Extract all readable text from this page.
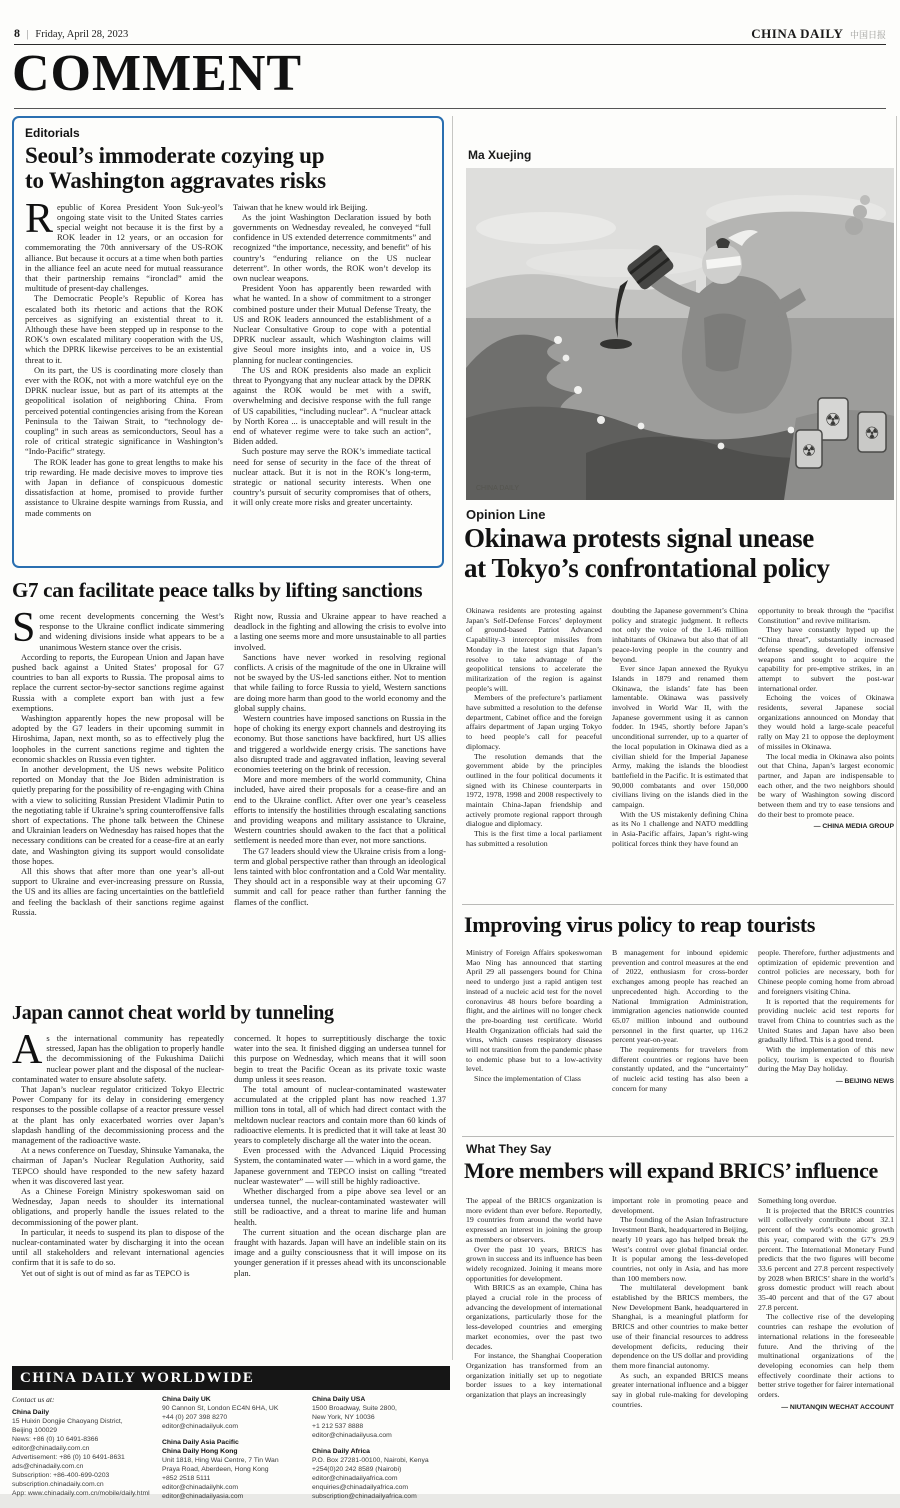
8 | Friday, April 28, 2023	CHINA DAILY 中国日报
COMMENT
Editorials
Seoul’s immoderate cozying up
to Washington aggravates risks
R epublic of Korea President Yoon Suk-yeol’s ongoing state visit to the United States carries special weight not because it is the first by a ROK leader in 12 years, or an occasion for commemorating the 70th anniversary of the US-ROK alliance. But because it occurs at a time when both parties in the alliance feel an acute need for mutual reassurance that their partnership remains “ironclad” amid the multitude of present-day challenges.

The Democratic People’s Republic of Korea has escalated both its rhetoric and actions that the ROK perceives as signifying an existential threat to it. Although these have been stepped up in response to the ROK’s own escalated military cooperation with the US, which the DPRK likewise perceives to be an existential threat to it.

On its part, the US is coordinating more closely than ever with the ROK, not with a more watchful eye on the DPRK nuclear issue, but as part of its attempts at the geopolitical isolation of neighboring China. From perceived potential contingencies arising from the Korean Peninsula to the Taiwan Strait, to “technology de-coupling” in such areas as semiconductors, Seoul has a role of critical strategic significance in Washington’s “Indo-Pacific” strategy.

The ROK leader has gone to great lengths to make his trip rewarding. He made decisive moves to improve ties with Japan in defiance of conspicuous domestic dissatisfaction at home, promised to provide further assistance to Ukraine despite warnings from Russia, and made comments on

Taiwan that he knew would irk Beijing.

As the joint Washington Declaration issued by both governments on Wednesday revealed, he conveyed “full confidence in US extended deterrence commitments” and recognized “the importance, necessity, and benefit” of his country’s “enduring reliance on the US nuclear deterrent”. In other words, the ROK won’t develop its own nuclear weapons.

President Yoon has apparently been rewarded with what he wanted. In a show of commitment to a stronger combined posture under their Mutual Defense Treaty, the US and ROK leaders announced the establishment of a Nuclear Consultative Group to cope with a potential DPRK nuclear assault, which Washington claims will give Seoul more insights into, and a voice in, US planning for nuclear contingencies.

The US and ROK presidents also made an explicit threat to Pyongyang that any nuclear attack by the DPRK against the ROK would be met with a swift, overwhelming and decisive response with the full range of US capabilities, “including nuclear”. A “nuclear attack by North Korea ... is unacceptable and will result in the end of whatever regime were to take such an action”, Biden added.

Such posture may serve the ROK’s immediate tactical need for sense of security in the face of the threat of nuclear attack. But it is not in the ROK’s long-term, strategic or national security interests. When one country’s pursuit of security compromises that of others, it will only create more risks and greater uncertainty.

G7 can facilitate peace talks by lifting sanctions
S ome recent developments concerning the West’s response to the Ukraine conflict indicate simmering and widening divisions inside what appears to be a unanimous Western stance over the crisis.

According to reports, the European Union and Japan have pushed back against a United States’ proposal for G7 countries to ban all exports to Russia. The proposal aims to replace the current sector-by-sector sanctions regime against Russia with a complete export ban with just a few exemptions.

Washington apparently hopes the new proposal will be adopted by the G7 leaders in their upcoming summit in Hiroshima, Japan, next month, so as to effectively plug the loopholes in the current sanctions regime and tighten the economic shackles on Russia even tighter.

In another development, the US news website Politico reported on Monday that the Joe Biden administration is quietly preparing for the possibility of re-engaging with China with a view to soliciting Russian President Vladimir Putin to the negotiating table if Ukraine’s spring counteroffensive falls short of expectations. The phone talk between the Chinese and Ukrainian leaders on Wednesday has raised hopes that the necessary conditions can be created for a cease-fire at an early date, and Washington giving its support would consolidate those hopes.

All this shows that after more than one year’s all-out support to Ukraine and ever-increasing pressure on Russia, the US and its allies are facing uncertainties on the battlefield and feeling the backlash of their sanctions regime against Russia.

Right now, Russia and Ukraine appear to have reached a deadlock in the fighting and allowing the crisis to evolve into a lasting one seems more and more unsustainable to all parties involved.

Sanctions have never worked in resolving regional conflicts. A crisis of the magnitude of the one in Ukraine will not be swayed by the US-led sanctions either. Not to mention that while failing to force Russia to yield, Western sanctions are doing more harm than good to the world economy and the global supply chains.

Western countries have imposed sanctions on Russia in the hope of choking its energy export channels and destroying its economy. But those sanctions have backfired, hurt US allies and triggered a worldwide energy crisis. The sanctions have also disrupted trade and aggravated inflation, leaving several economies teetering on the brink of recession.

More and more members of the world community, China included, have aired their proposals for a cease-fire and an end to the Ukraine conflict. After over one year’s ceaseless efforts to intensify the hostilities through escalating sanctions and providing weapons and military assistance to Ukraine, Western countries should awaken to the fact that a political settlement is needed more than ever, not more sanctions.

The G7 leaders should view the Ukraine crisis from a long-term and global perspective rather than through an ideological lens tainted with bloc confrontation and a Cold War mentality. They should act in a responsible way at their upcoming G7 summit and call for peace rather than further fanning the flames of the conflict.

Japan cannot cheat world by tunneling
A s the international community has repeatedly stressed, Japan has the obligation to properly handle the decommissioning of the Fukushima Daiichi nuclear power plant and the disposal of the nuclear-contaminated water to ensure absolute safety.

That Japan’s nuclear regulator criticized Tokyo Electric Power Company for its delay in considering emergency responses to the possible collapse of a reactor pressure vessel at the plant has only exacerbated worries over Japan’s slapdash handling of the decommissioning process and the management of the radioactive waste.

At a news conference on Tuesday, Shinsuke Yamanaka, the chairman of Japan’s Nuclear Regulation Authority, said TEPCO should have responded to the new safety hazard when it was discovered last year.

As a Chinese Foreign Ministry spokeswoman said on Wednesday, Japan needs to shoulder its international obligations, and properly handle the issues related to the decommissioning of the power plant.

In particular, it needs to suspend its plan to dispose of the nuclear-contaminated water by discharging it into the ocean until all stakeholders and relevant international agencies confirm that it is safe to do so.

Yet out of sight is out of mind as far as TEPCO is

concerned. It hopes to surreptitiously discharge the toxic water into the sea. It finished digging an undersea tunnel for this purpose on Wednesday, which means that it will soon begin to treat the Pacific Ocean as its private toxic waste dump unless it sees reason.

The total amount of nuclear-contaminated wastewater accumulated at the crippled plant has now reached 1.37 million tons in total, all of which had direct contact with the meltdown nuclear reactors and contain more than 60 kinds of radioactive elements. It is predicted that it will take at least 30 years to completely discharge all the water into the ocean.

Even processed with the Advanced Liquid Processing System, the contaminated water — which in a word game, the Japanese government and TEPCO insist on calling “treated nuclear wastewater” — will still be highly radioactive.

Whether discharged from a pipe above sea level or an undersea tunnel, the nuclear-contaminated wastewater will still be radioactive, and a threat to marine life and human health.

The current situation and the ocean discharge plan are fraught with hazards. Japan will have an indelible stain on its image and a guilty consciousness that it will impose on its younger generation if it presses ahead with its unconscionable plan.

Ma Xuejing
☢
☢
☢
CHINA DAILY
Opinion Line
Okinawa protests signal unease
at Tokyo’s confrontational policy

Okinawa residents are protesting against Japan’s Self-Defense Forces’ deployment of ground-based Patriot Advanced Capability-3 interceptor missiles from Monday in the latest sign that Japan’s resolve to take advantage of the geopolitical tensions to accelerate the militarization of the region is against people’s will.

Members of the prefecture’s parliament have submitted a resolution to the defense department, Cabinet office and the foreign affairs department of Japan urging Tokyo to heed people’s call for peaceful diplomacy.

The resolution demands that the government abide by the principles outlined in the four political documents it signed with its Chinese counterparts in 1972, 1978, 1998 and 2008 respectively to maintain China-Japan friendship and actively promote regional rapport through dialogue and diplomacy.

This is the first time a local parliament has submitted a resolution

doubting the Japanese government’s China policy and strategic judgment. It reflects not only the voice of the 1.46 million inhabitants of Okinawa but also that of all peace-loving people in the country and beyond.

Ever since Japan annexed the Ryukyu Islands in 1879 and renamed them Okinawa, the islands’ fate has been lamentable. Okinawa was passively involved in World War II, with the Japanese government using it as cannon fodder. In 1945, shortly before Japan’s unconditional surrender, up to a quarter of the local population in Okinawa died as a civilian shield for the Imperial Japanese Army, making the islands the bloodiest battlefield in the Pacific. It is estimated that 90,000 combatants and over 150,000 civilians living on the islands died in the campaign.

With the US mistakenly defining China as its No 1 challenge and NATO meddling in Asia-Pacific affairs, Japan’s right-wing political forces think they have found an

opportunity to break through the “pacifist Constitution” and revive militarism.

They have constantly hyped up the “China threat”, substantially increased defense spending, developed offensive weapons and sought to acquire the capability for pre-emptive strikes, in an attempt to subvert the post-war international order.

Echoing the voices of Okinawa residents, several Japanese social organizations announced on Monday that they would hold a large-scale peaceful rally on May 21 to oppose the deployment of missiles in Okinawa.

The local media in Okinawa also points out that China, Japan’s largest economic partner, and Japan are indispensable to each other, and the two neighbors should be wary of Washington sowing discord between them and try to ease tensions and do their best to promote peace.

— CHINA MEDIA GROUP
Improving virus policy to reap tourists

Ministry of Foreign Affairs spokeswoman Mao Ning has announced that starting April 29 all passengers bound for China need to undergo just a rapid antigen test instead of a nucleic acid test for the novel coronavirus 48 hours before boarding a flight, and the airlines will no longer check the pre-boarding test certificate. World Health Organization officials had said the virus, which causes respiratory diseases will not transition from the pandemic phase to endemic phase but to a low-activity level.

Since the implementation of Class

B management for inbound epidemic prevention and control measures at the end of 2022, enthusiasm for cross-border exchanges among people has reached an unprecedented high. According to the National Immigration Administration, immigration agencies nationwide counted 65.07 million inbound and outbound personnel in the first quarter, up 116.2 percent year-on-year.

The requirements for travelers from different countries or regions have been constantly updated, and the “uncertainty” of nucleic acid testing has also been a concern for many

people. Therefore, further adjustments and optimization of epidemic prevention and control policies are necessary, both for Chinese people coming home from abroad and foreigners visiting China.

It is reported that the requirements for providing nucleic acid test reports for travel from China to countries such as the United States and Japan have also been gradually lifted. This is a good trend.

With the implementation of this new policy, tourism is expected to flourish during the May Day holiday.

— BEIJING NEWS
What They Say
More members will expand BRICS’ influence

The appeal of the BRICS organization is more evident than ever before. Reportedly, 19 countries from around the world have expressed an interest in joining the group as members or observers.

Over the past 10 years, BRICS has grown in success and its influence has been widely recognized. Joining it means more opportunities for development.

With BRICS as an example, China has played a crucial role in the process of advancing the development of international organizations, particularly those for the less-developed countries and emerging market economies, over the past two decades.

For instance, the Shanghai Cooperation Organization has transformed from an organization initially set up to negotiate border issues to a key international organization that plays an increasingly

important role in promoting peace and development.

The founding of the Asian Infrastructure Investment Bank, headquartered in Beijing, nearly 10 years ago has helped break the West’s control over global financial order. It is popular among the less-developed countries, not only in Asia, and has more than 100 members now.

The multilateral development bank established by the BRICS members, the New Development Bank, headquartered in Shanghai, is a meaningful platform for BRICS and other countries to make better use of their financial resources to address development deficits, reducing their dependence on the US dollar and providing them more financial autonomy.

As such, an expanded BRICS means greater international influence and a bigger say in global rule-making for developing countries.

Something long overdue.

It is projected that the BRICS countries will collectively contribute about 32.1 percent of the world’s economic growth this year, compared with the G7’s 29.9 percent. The International Monetary Fund predicts that the two figures will become 33.6 percent and 27.8 percent respectively by 2028 when BRICS’ share in the world’s gross domestic product will reach about 35-40 percent and that of the G7 about 27.8 percent.

The collective rise of the developing countries can reshape the evolution of international relations in the foreseeable future. And the thriving of the multinational organizations of the developing economies can help them effectively coordinate their actions to better strive together for fairer international orders.

— NIUTANQIN WECHAT ACCOUNT
CHINA DAILY WORLDWIDE
Contact us at:
China Daily
15 Huixin Dongjie Chaoyang District,
Beijing 100029
News: +86 (0) 10 6491-8366
editor@chinadaily.com.cn
Advertisement: +86 (0) 10 6491-8631
ads@chinadaily.com.cn
Subscription: +86-400-699-0203
subscription.chinadaily.com.cn
App: www.chinadaily.com.cn/mobile/daily.html
China Daily UK
90 Cannon St, London EC4N 6HA, UK
+44 (0) 207 398 8270
editor@chinadailyuk.com
China Daily Asia Pacific
China Daily Hong Kong
Unit 1818, Hing Wai Centre, 7 Tin Wan
Praya Road, Aberdeen, Hong Kong
+852 2518 5111
editor@chinadailyhk.com
editor@chinadailyasia.com
China Daily USA
1500 Broadway, Suite 2800,
New York, NY 10036
+1 212 537 8888
editor@chinadailyusa.com
China Daily Africa
P.O. Box 27281-00100, Nairobi, Kenya
+254(0)20 242 8589 (Nairobi)
editor@chinadailyafrica.com
enquiries@chinadailyafrica.com
subscription@chinadailyafrica.com
